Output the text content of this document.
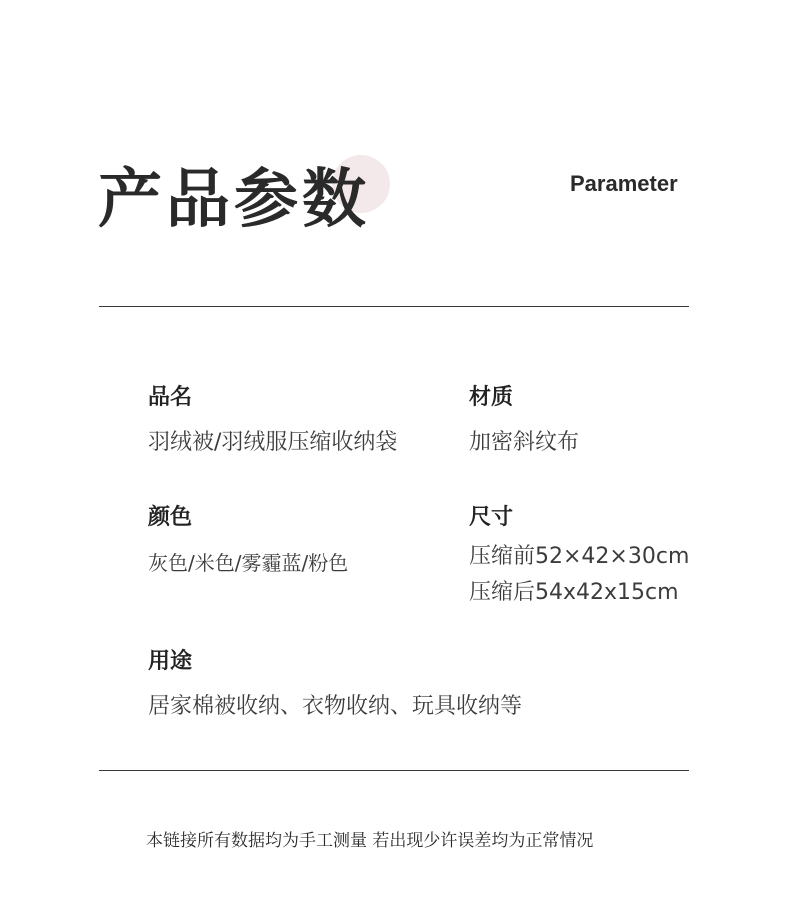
产品参数	Parameter
品名
羽绒被/羽绒服压缩收纳袋
材质
加密斜纹布
颜色
灰色/米色/雾霾蓝/粉色
尺寸
压缩前52×42×30cm
压缩后54x42x15cm
用途
居家棉被收纳、衣物收纳、玩具收纳等
本链接所有数据均为手工测量 若出现少许误差均为正常情况
